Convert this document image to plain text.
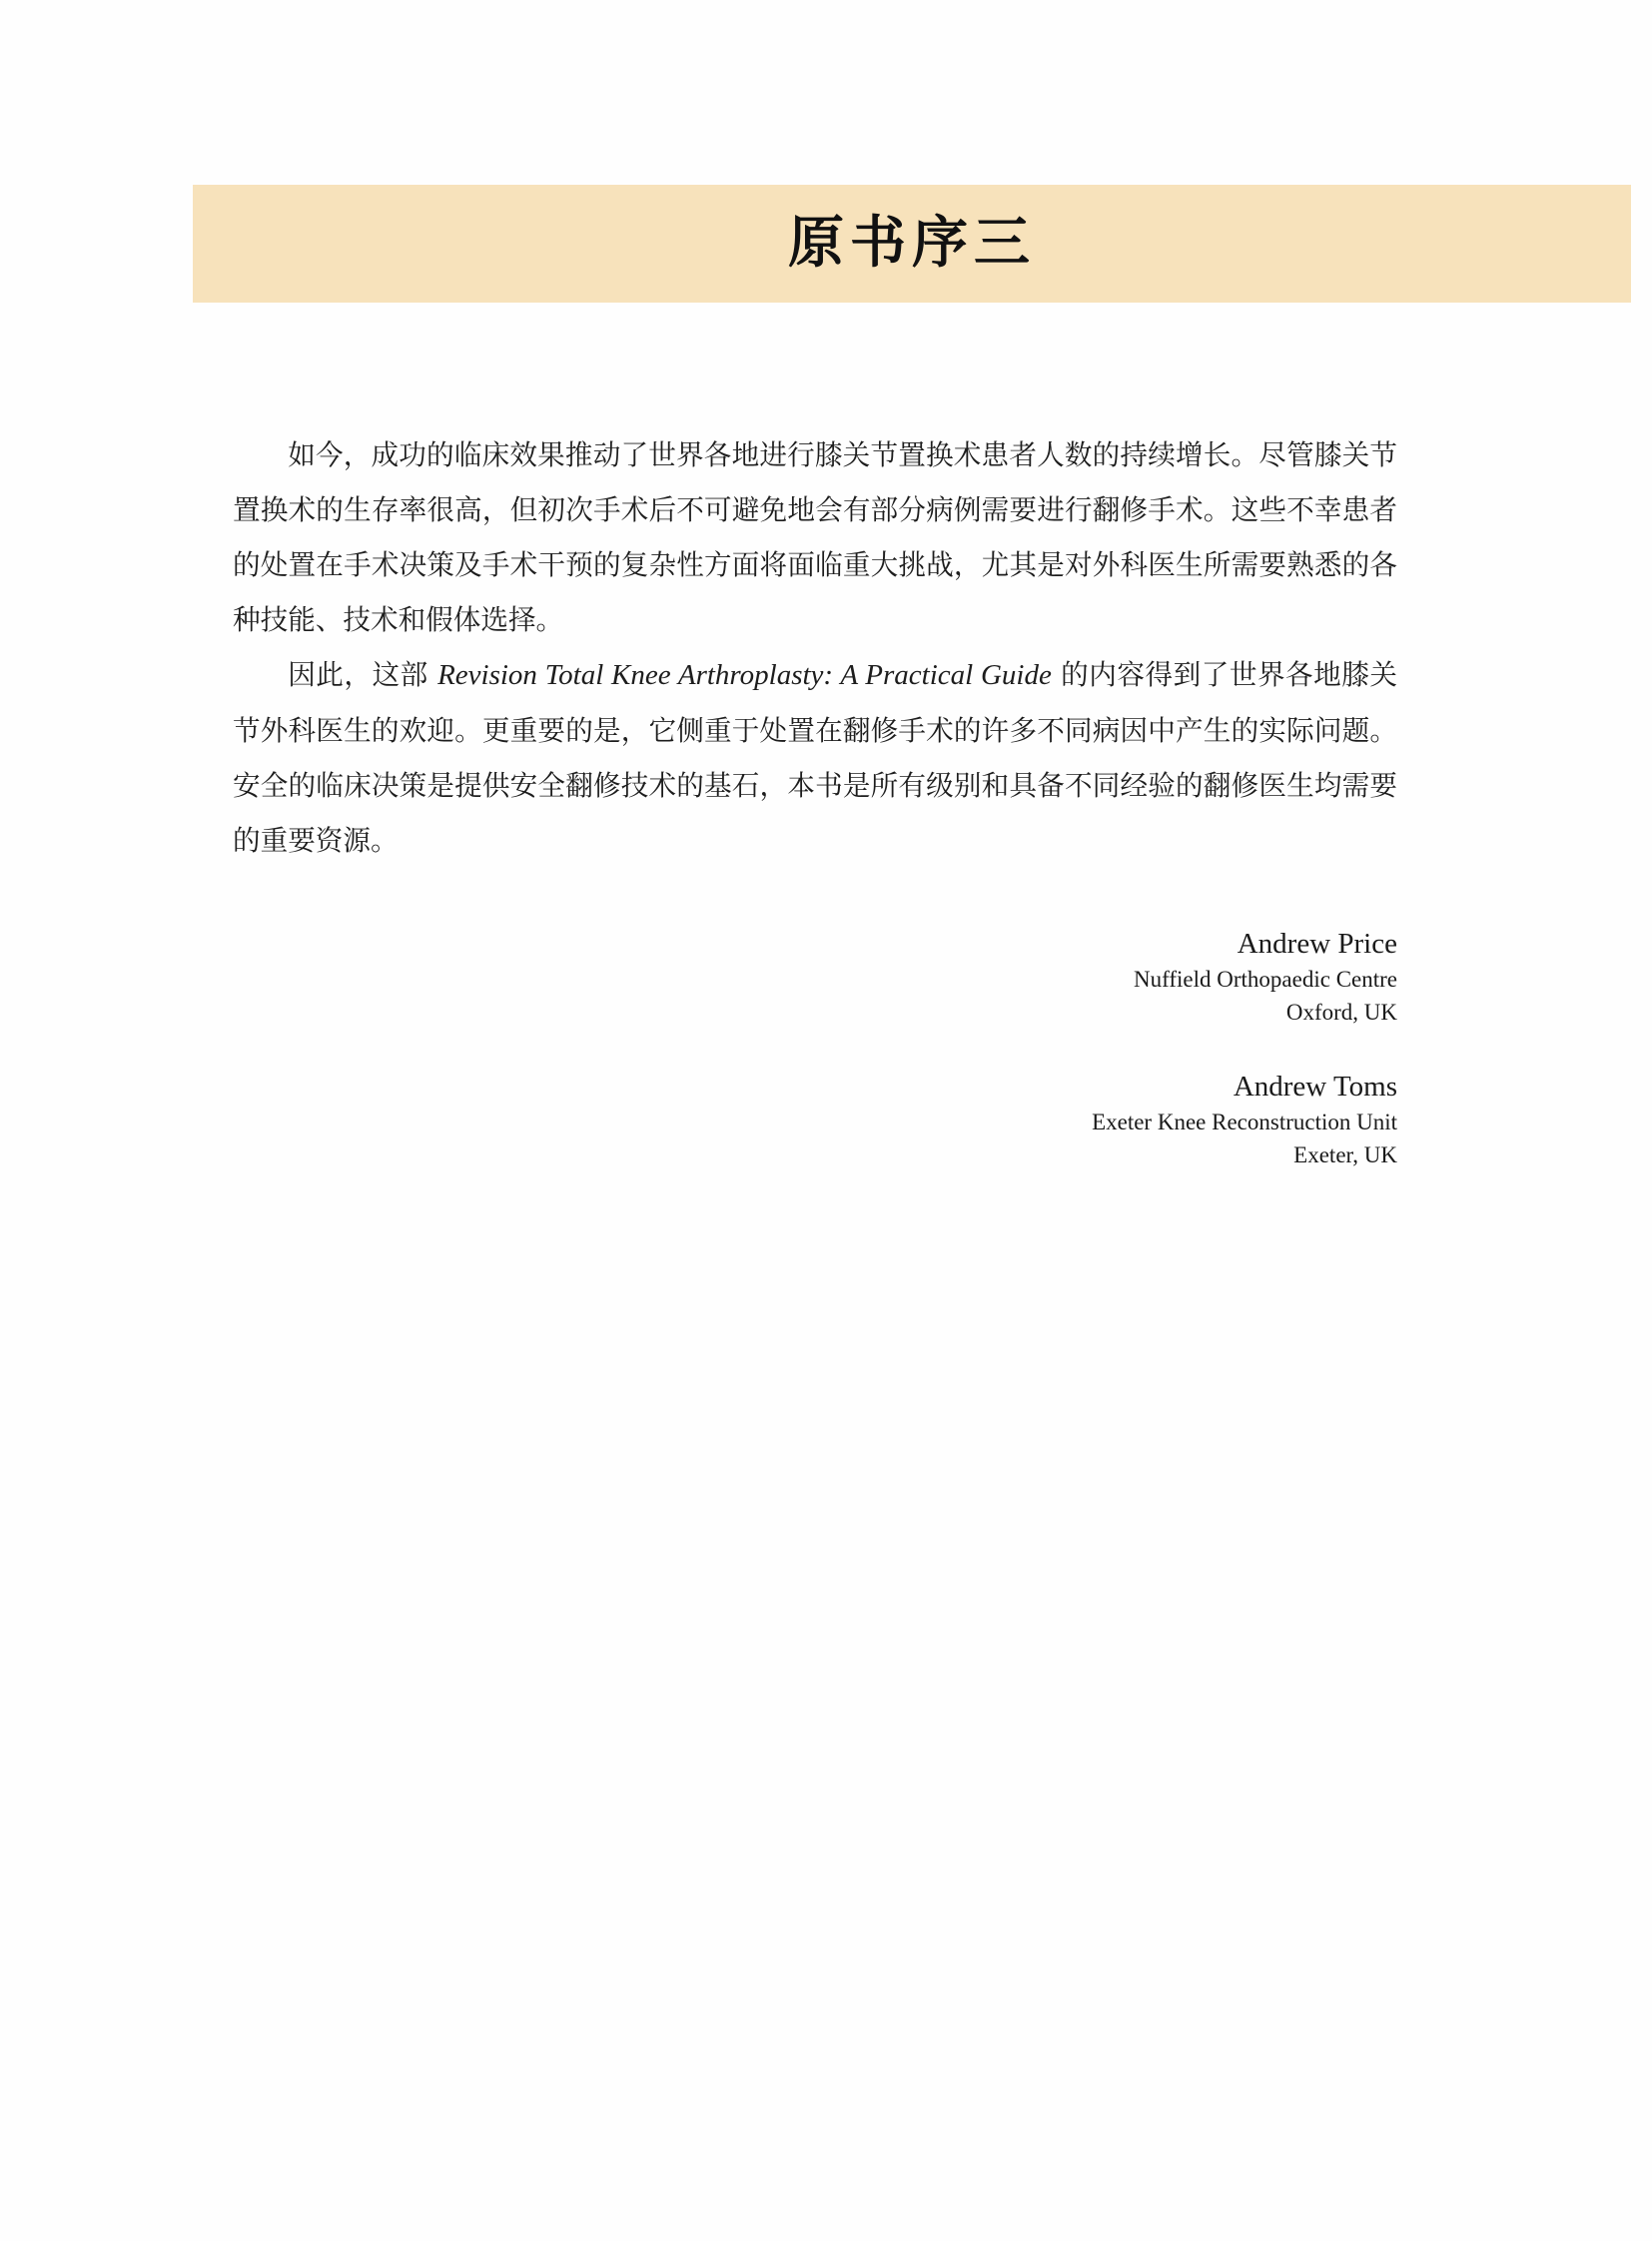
原书序三

如今，成功的临床效果推动了世界各地进行膝关节置换术患者人数的持续增长。尽管膝关节置换术的生存率很高，但初次手术后不可避免地会有部分病例需要进行翻修手术。这些不幸患者的处置在手术决策及手术干预的复杂性方面将面临重大挑战，尤其是对外科医生所需要熟悉的各种技能、技术和假体选择。

因此，这部 Revision Total Knee Arthroplasty: A Practical Guide 的内容得到了世界各地膝关节外科医生的欢迎。更重要的是，它侧重于处置在翻修手术的许多不同病因中产生的实际问题。安全的临床决策是提供安全翻修技术的基石，本书是所有级别和具备不同经验的翻修医生均需要的重要资源。

Andrew Price
Nuffield Orthopaedic Centre
Oxford, UK
Andrew Toms
Exeter Knee Reconstruction Unit
Exeter, UK
